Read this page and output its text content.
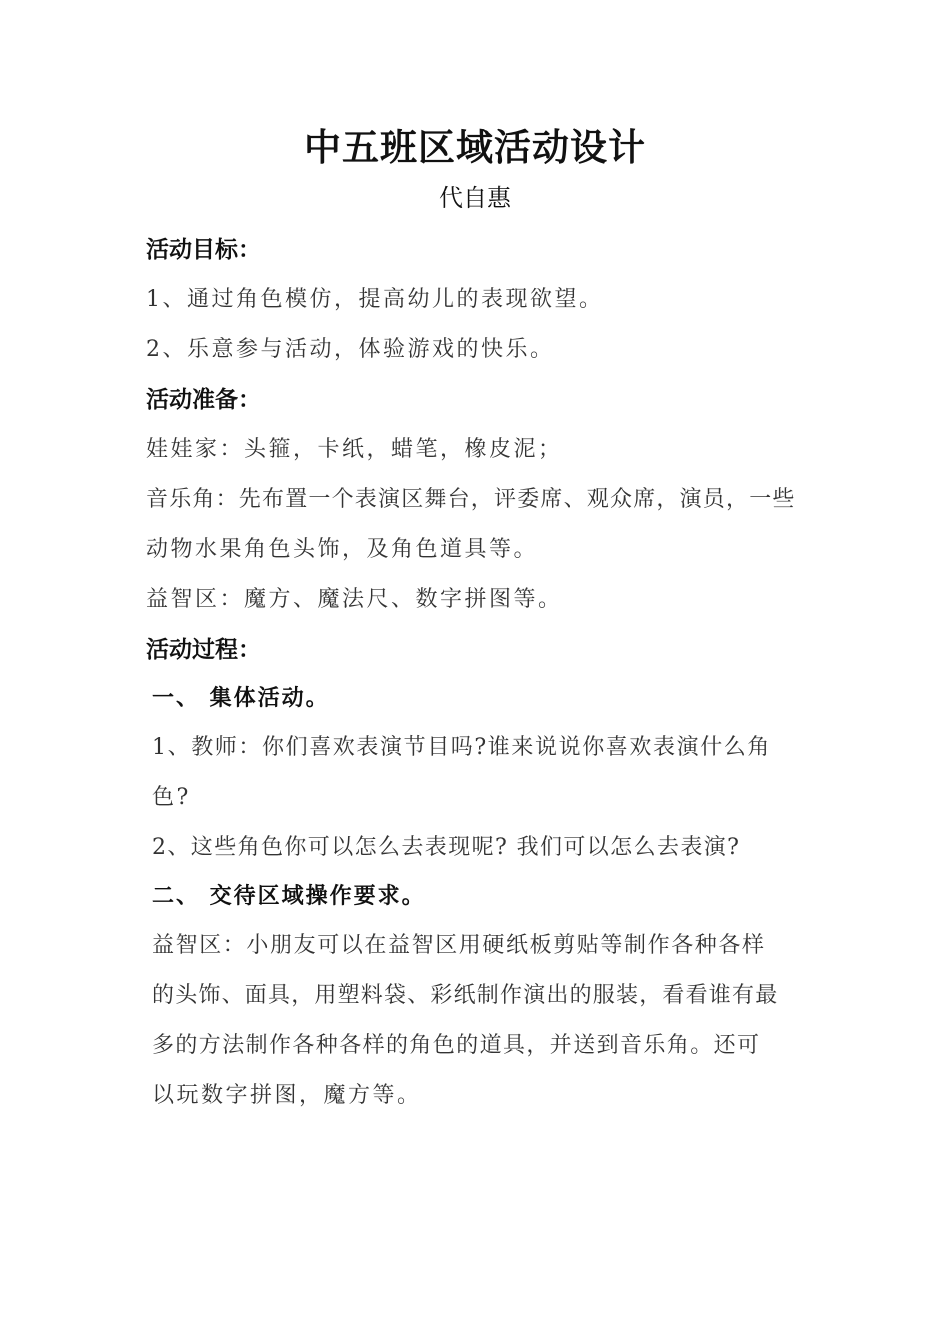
中五班区域活动设计
代自惠
活动目标：
1、通过角色模仿，提高幼儿的表现欲望。
2、乐意参与活动，体验游戏的快乐。
活动准备：
娃娃家：头箍，卡纸，蜡笔，橡皮泥；
音乐角：先布置一个表演区舞台，评委席、观众席，演员，一些
动物水果角色头饰，及角色道具等。
益智区：魔方、魔法尺、数字拼图等。
活动过程：
一、 集体活动。
1、教师：你们喜欢表演节目吗?谁来说说你喜欢表演什么角
色?
2、这些角色你可以怎么去表现呢? 我们可以怎么去表演?
二、 交待区域操作要求。
益智区：小朋友可以在益智区用硬纸板剪贴等制作各种各样
的头饰、面具，用塑料袋、彩纸制作演出的服装，看看谁有最
多的方法制作各种各样的角色的道具，并送到音乐角。还可
以玩数字拼图，魔方等。
